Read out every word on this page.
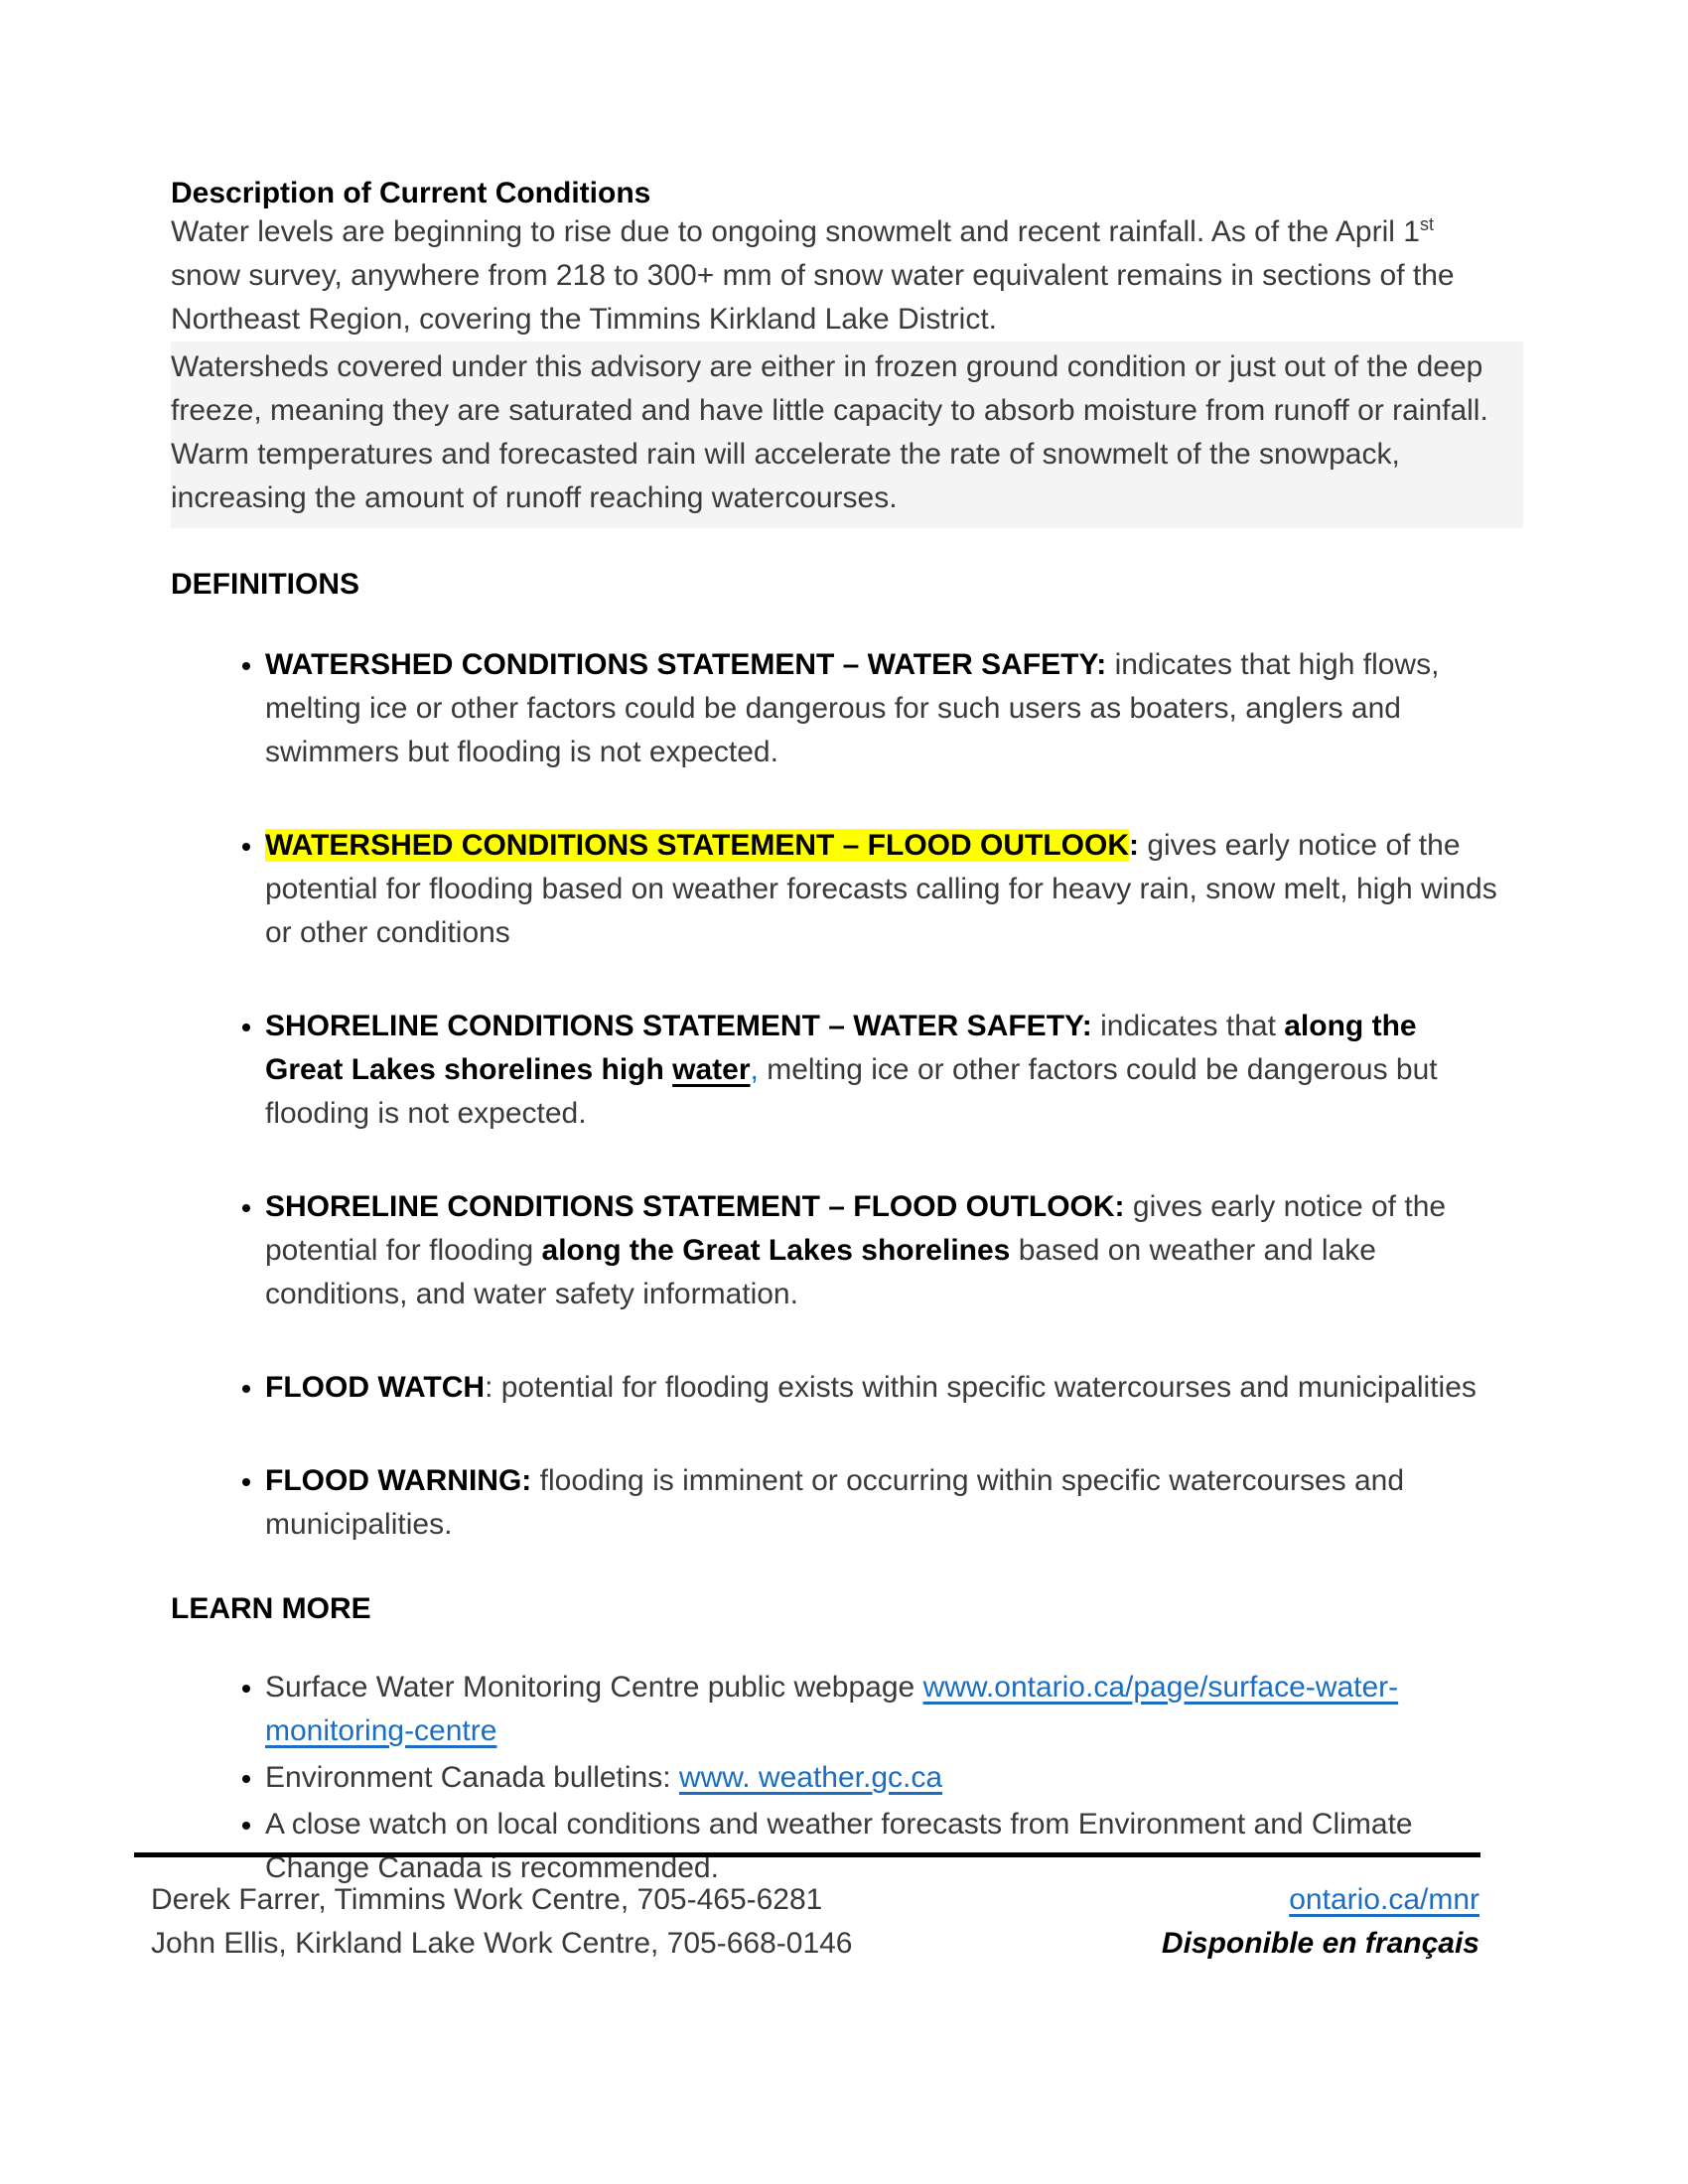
Description of Current Conditions

Water levels are beginning to rise due to ongoing snowmelt and recent rainfall. As of the April 1st snow survey, anywhere from 218 to 300+ mm of snow water equivalent remains in sections of the Northeast Region, covering the Timmins Kirkland Lake District.

Watersheds covered under this advisory are either in frozen ground condition or just out of the deep freeze, meaning they are saturated and have little capacity to absorb moisture from runoff or rainfall. Warm temperatures and forecasted rain will accelerate the rate of snowmelt of the snowpack, increasing the amount of runoff reaching watercourses.

DEFINITIONS
• WATERSHED CONDITIONS STATEMENT – WATER SAFETY: indicates that high flows, melting ice or other factors could be dangerous for such users as boaters, anglers and swimmers but flooding is not expected.
• WATERSHED CONDITIONS STATEMENT – FLOOD OUTLOOK: gives early notice of the potential for flooding based on weather forecasts calling for heavy rain, snow melt, high winds or other conditions
• SHORELINE CONDITIONS STATEMENT – WATER SAFETY: indicates that along the Great Lakes shorelines high water, melting ice or other factors could be dangerous but flooding is not expected.
• SHORELINE CONDITIONS STATEMENT – FLOOD OUTLOOK: gives early notice of the potential for flooding along the Great Lakes shorelines based on weather and lake conditions, and water safety information.
• FLOOD WATCH: potential for flooding exists within specific watercourses and municipalities
• FLOOD WARNING: flooding is imminent or occurring within specific watercourses and municipalities.
LEARN MORE
• Surface Water Monitoring Centre public webpage www.ontario.ca/page/surface-water-monitoring-centre
• Environment Canada bulletins: www. weather.gc.ca
• A close watch on local conditions and weather forecasts from Environment and Climate Change Canada is recommended.
Derek Farrer, Timmins Work Centre, 705-465-6281
John Ellis, Kirkland Lake Work Centre, 705-668-0146
ontario.ca/mnr
Disponible en français
